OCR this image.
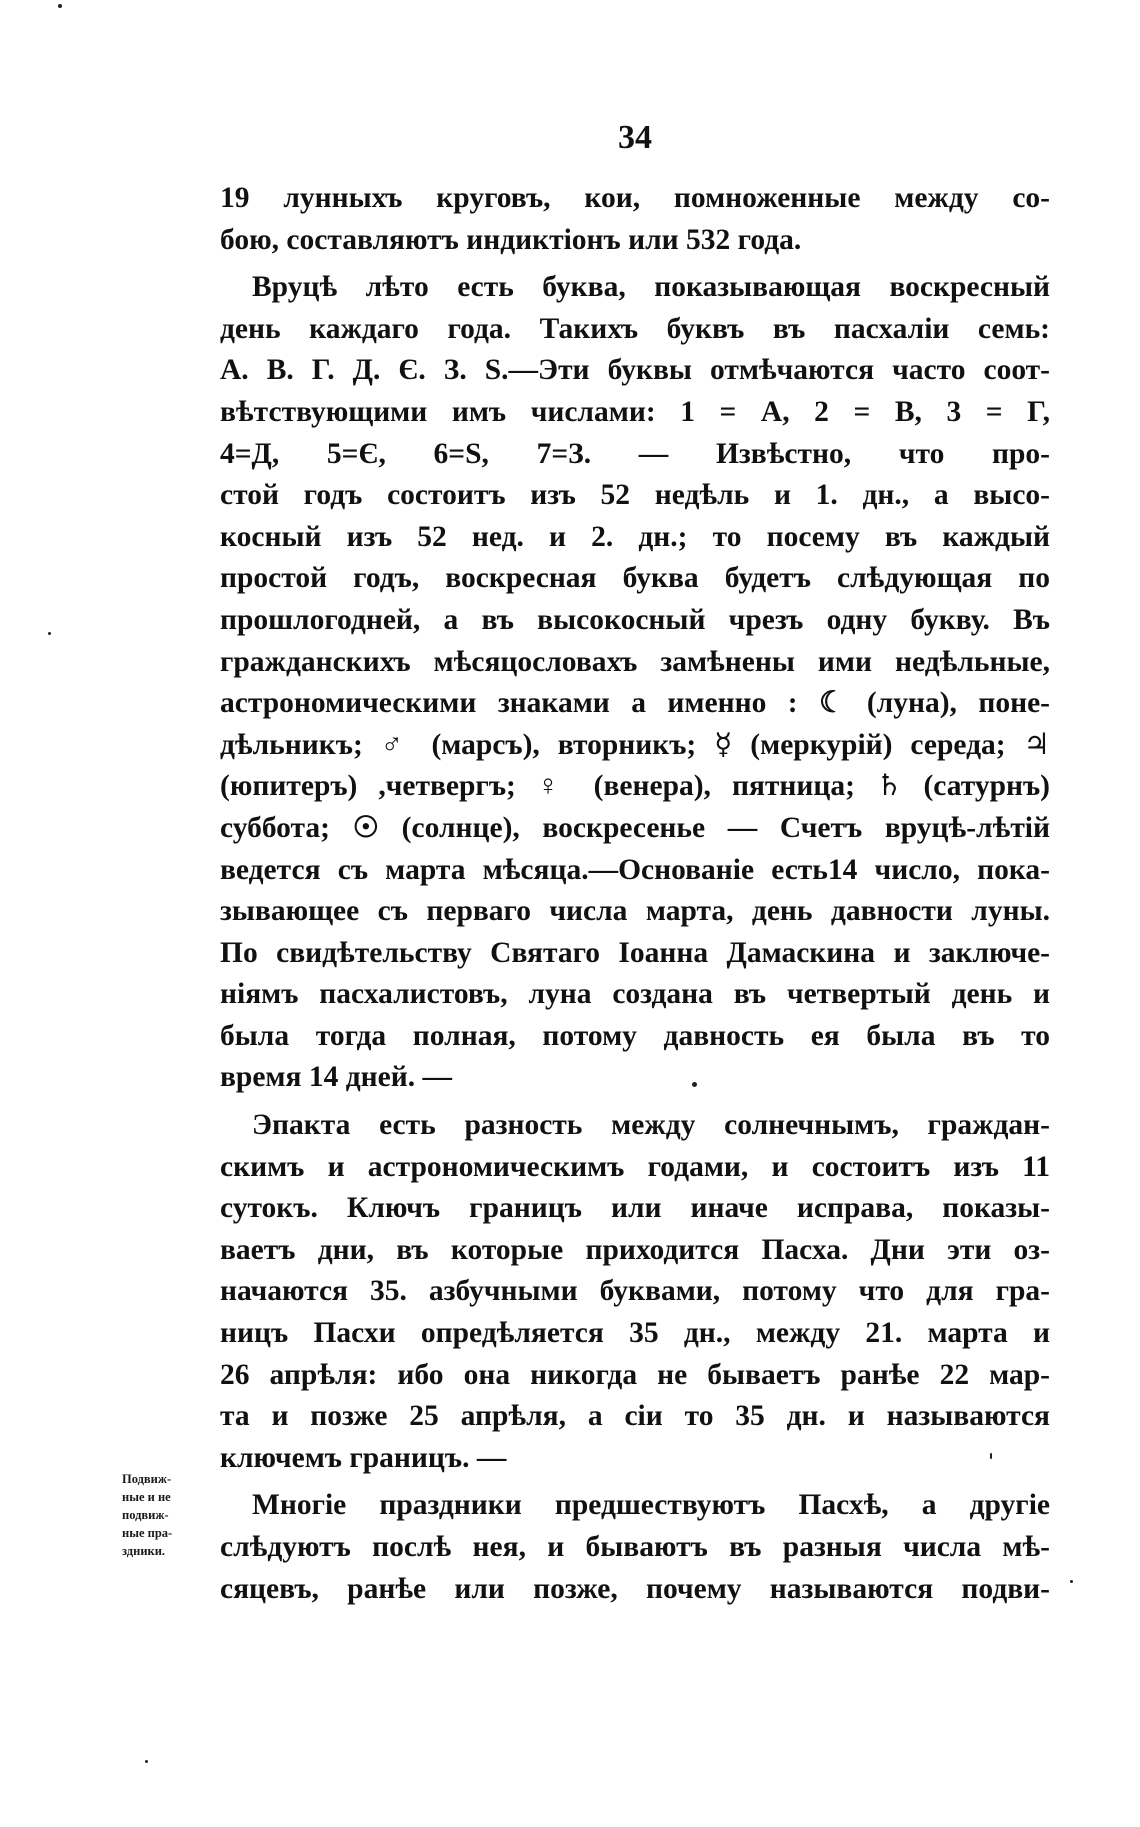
34
19 лунныхъ круговъ, кои, помноженные между со-
бою, составляютъ индиктіонъ или 532 года.
Вруцѣ лѣто есть буква, показывающая воскресный
день каждаго года. Такихъ буквъ въ пасхаліи семь:
А. В. Г. Д. Є. З. Ѕ.—Эти буквы отмѣчаются часто соот-
вѣтствующими имъ числами: 1 = А, 2 = В, 3 = Г,
4=Д, 5=Є, 6=Ѕ, 7=З. — Извѣстно, что про-
стой годъ состоитъ изъ 52 недѣль и 1. дн., а высо-
косный изъ 52 нед. и 2. дн.; то посему въ каждый
простой годъ, воскресная буква будетъ слѣдующая по
прошлогодней, а въ высокосный чрезъ одну букву. Въ
гражданскихъ мѣсяцословахъ замѣнены ими недѣльные,
астрономическими знаками а именно : ☾ (луна), поне-
дѣльникъ; ♂ (марсъ), вторникъ; ☿ (меркурій) середа; ♃
(юпитеръ) ,четвергъ; ♀ (венера), пятница; ♄ (сатурнъ)
суббота; ☉ (солнце), воскресенье — Счетъ вруцѣ-лѣтій
ведется съ марта мѣсяца.—Основаніе есть14 число, пока-
зывающее съ перваго числа марта, день давности луны.
По свидѣтельству Святаго Іоанна Дамаскина и заключе-
ніямъ пасхалистовъ, луна создана въ четвертый день и
была тогда полная, потому давность ея была въ то
время 14 дней. —
Эпакта есть разность между солнечнымъ, граждан-
скимъ и астрономическимъ годами, и состоитъ изъ 11
сутокъ. Ключъ границъ или иначе исправа, показы-
ваетъ дни, въ которые приходится Пасха. Дни эти оз-
начаются 35. азбучными буквами, потому что для гра-
ницъ Пасхи опредѣляется 35 дн., между 21. марта и
26 апрѣля: ибо она никогда не бываетъ ранѣе 22 мар-
та и позже 25 апрѣля, а сіи то 35 дн. и называются
ключемъ границъ. —
Многіе праздники предшествуютъ Пасхѣ, а другіе
слѣдуютъ послѣ нея, и бываютъ въ разныя числа мѣ-
сяцевъ, ранѣе или позже, почему называются подви-
Подвиж-
ные и не
подвиж-
ные пра-
здники.
